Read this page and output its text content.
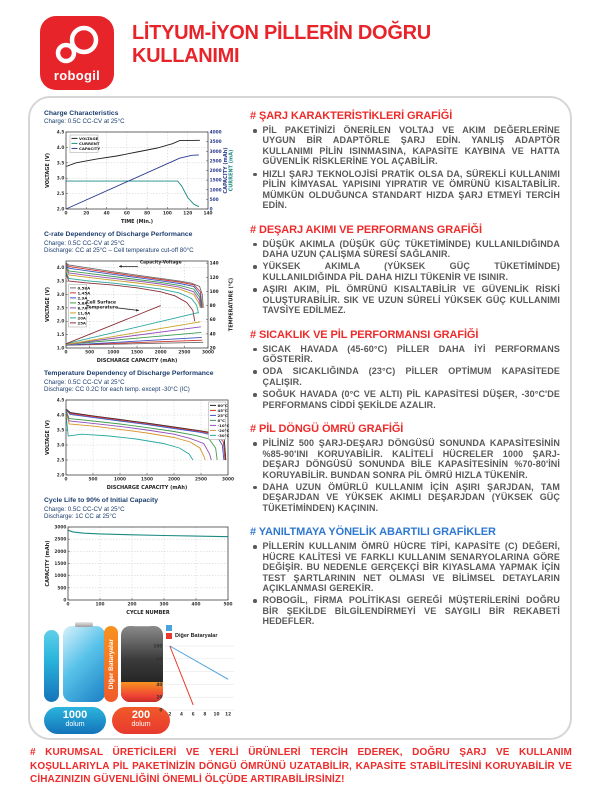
robogil
LİTYUM-İYON PİLLERİN DOĞRU
KULLANIMI
Charge Characteristics
Charge: 0.5C CC-CV at 25°C
0	20	40	60	80	100	120	140
2.0
2.5
3.0
3.5
4.0
4.5
0
500
1000
1500
2000
2500
3000
3500
4000
TIME (Min.)
VOLTAGE (V)	CAPACITY (mAh) CURRENT (mA)
VOLTAGE
CURRENT
CAPACITY
C-rate Dependency of Discharge Performance
Charge: 0.5C CC-CV at 25°C
Discharge: CC at 25°C – Cell temperature cut-off 80°C
0	500	1000	1500	2000	2500	3000
1.0
1.5
2.0
2.5
3.0
3.5
4.0
20
40
60
80
100
120
140
DISCHARGE CAPACITY (mAh)
VOLTAGE (V)	TEMPERATURE (°C)
0,58A
1,45A
2,9A
5,8A
8,7A
11,6A
20A
25A
Capacity-Voltage
Cell Surface
Temperature
Temperature Dependency of Discharge Performance
Charge: 0.5C CC-CV at 25°C
Discharge: CC 0.2C for each temp. except -30°C (IC)
0	500	1000	1500	2000	2500	3000
2.0
2.5
3.0
3.5
4.0
4.5
DISCHARGE CAPACITY (mAh)
VOLTAGE (V)
60°C
45°C
25°C
0°C
-10°C
-20°C
-30°C
Cycle Life to 90% of Initial Capacity
Charge: 0.5C CC-CV at 25°C
Discharge: 1C CC at 25°C
0	100	200	300	400	500
0
500
1000
1500
2000
2500
3000
CYCLE NUMBER
CAPACITY (mAh)
Diğer Bataryalar
1000
dolum
200
dolum
Diğer Bataryalar
2 4 6 8 10 12
0
20
40
60
80
100
# ŞARJ KARAKTERİSTİKLERİ GRAFİĞİ

PİL PAKETİNİZİ ÖNERİLEN VOLTAJ VE AKIM DEĞERLERİNE UYGUN BİR ADAPTÖRLE ŞARJ EDİN. YANLIŞ ADAPTÖR KULLANIMI PİLİN ISINMASINA, KAPASİTE KAYBINA VE HATTA GÜVENLİK RİSKLERİNE YOL AÇABİLİR.

HIZLI ŞARJ TEKNOLOJİSİ PRATİK OLSA DA, SÜREKLİ KULLANIMI PİLİN KİMYASAL YAPISINI YIPRATIR VE ÖMRÜNÜ KISALTABİLİR. MÜMKÜN OLDUĞUNCA STANDART HIZDA ŞARJ ETMEYİ TERCİH EDİN.

# DEŞARJ AKIMI VE PERFORMANS GRAFİĞİ

DÜŞÜK AKIMLA (DÜŞÜK GÜÇ TÜKETİMİNDE) KULLANILDIĞINDA DAHA UZUN ÇALIŞMA SÜRESİ SAĞLANIR.

YÜKSEK AKIMLA (YÜKSEK GÜÇ TÜKETİMİNDE) KULLANILDIĞINDA PİL DAHA HIZLI TÜKENİR VE ISINIR.

AŞIRI AKIM, PİL ÖMRÜNÜ KISALTABİLİR VE GÜVENLİK RİSKİ OLUŞTURABİLİR. SIK VE UZUN SÜRELİ YÜKSEK GÜÇ KULLANIMI TAVSİYE EDİLMEZ.

# SICAKLIK VE PİL PERFORMANSI GRAFİĞİ

SICAK HAVADA (45-60°C) PİLLER DAHA İYİ PERFORMANS GÖSTERİR.

ODA SICAKLIĞINDA (23°C) PİLLER OPTİMUM KAPASİTEDE ÇALIŞIR.

SOĞUK HAVADA (0°C VE ALTI) PİL KAPASİTESİ DÜŞER, -30°C'DE PERFORMANS CİDDİ ŞEKİLDE AZALIR.

# PİL DÖNGÜ ÖMRÜ GRAFİĞİ

PİLİNİZ 500 ŞARJ-DEŞARJ DÖNGÜSÜ SONUNDA KAPASİTESİNİN %85-90'INI KORUYABİLİR. KALİTELİ HÜCRELER 1000 ŞARJ-DEŞARJ DÖNGÜSÜ SONUNDA BİLE KAPASİTESİNİN %70-80'İNİ KORUYABİLİR. BUNDAN SONRA PİL ÖMRÜ HIZLA TÜKENİR.

DAHA UZUN ÖMÜRLÜ KULLANIM İÇİN AŞIRI ŞARJDAN, TAM DEŞARJDAN VE YÜKSEK AKIMLI DEŞARJDAN (YÜKSEK GÜÇ TÜKETİMİNDEN) KAÇININ.

# YANILTMAYA YÖNELİK ABARTILI GRAFİKLER

PİLLERİN KULLANIM ÖMRÜ HÜCRE TİPİ, KAPASİTE (C) DEĞERİ, HÜCRE KALİTESİ VE FARKLI KULLANIM SENARYOLARINA GÖRE DEĞİŞİR. BU NEDENLE GERÇEKÇİ BİR KIYASLAMA YAPMAK İÇİN TEST ŞARTLARININ NET OLMASI VE BİLİMSEL DETAYLARIN AÇIKLANMASI GEREKİR.

ROBOGİL, FİRMA POLİTİKASI GEREĞİ MÜŞTERİLERİNİ DOĞRU BİR ŞEKİLDE BİLGİLENDİRMEYİ VE SAYGILI BİR REKABETİ HEDEFLER.

# KURUMSAL ÜRETİCİLERİ VE YERLİ ÜRÜNLERİ TERCİH EDEREK, DOĞRU ŞARJ VE KULLANIM KOŞULLARIYLA PİL PAKETİNİZİN DÖNGÜ ÖMRÜNÜ UZATABİLİR, KAPASİTE STABİLİTESİNİ KORUYABİLİR VE CİHAZINIZIN GÜVENLİĞİNİ ÖNEMLİ ÖLÇÜDE ARTIRABİLİRSİNİZ!
